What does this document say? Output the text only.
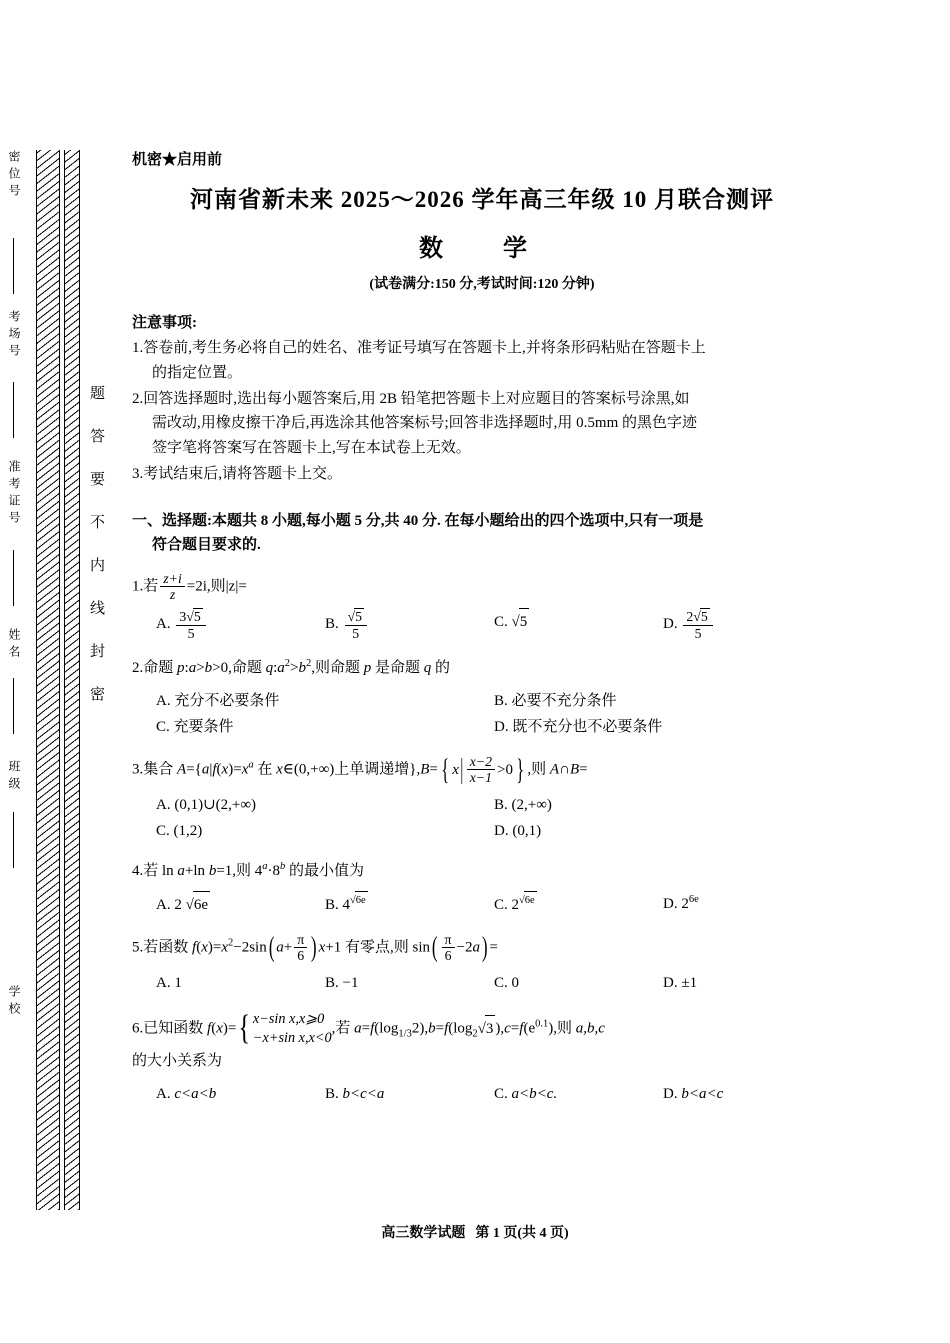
题 答 要 不 内 线 封 密
密位号
考场号
准考证号
姓名
班级
学校
机密★启用前
河南省新未来 2025～2026 学年高三年级 10 月联合测评
数　学
(试卷满分:150 分,考试时间:120 分钟)
注意事项:
1.答卷前,考生务必将自己的姓名、准考证号填写在答题卡上,并将条形码粘贴在答题卡上
的指定位置。
2.回答选择题时,选出每小题答案后,用 2B 铅笔把答题卡上对应题目的答案标号涂黑,如
需改动,用橡皮擦干净后,再选涂其他答案标号;回答非选择题时,用 0.5mm 的黑色字迹
签字笔将答案写在答题卡上,写在本试卷上无效。
3.考试结束后,请将答题卡上交。
一、选择题:本题共 8 小题,每小题 5 分,共 40 分. 在每小题给出的四个选项中,只有一项是
符合题目要求的.
1.若 $\frac{z+i}{z} =2i$,则|z|=
A. $\frac{3√5}{5}$	B. $\frac{√5}{5}$	C. √5	D. $\frac{2√5}{5}$
2.命题 p:a>b>0,命题 $q:a^2>b^2$,则命题 p 是命题 q 的
A. 充分不必要条件	B. 必要不充分条件
C. 充要条件	D. 既不充分也不必要条件
3.集合 $A=\{a|f(x)=x^a$ 在 x∈(0,+∞)上单调递增},B= { x | $\frac{x-2}{x-1} >0$ } ,则 A∩B=
A. (0,1)∪(2,+∞)	B. (2,+∞)
C. (1,2)	D. (0,1)
4.若 ln a+ln b=1,则 $4^a\cdot 8^b$ 的最小值为
A. 2 √6e	B. $4^{√6e}$	C. $2^{√6e}$	D. $2^{6e}$
5.若函数 $f(x)=x^2-2\sin$( $a+ \frac{\pi}{6}$ ) x+1 有零点,则 $\sin( \frac{\pi}{6} -2a)$ =
A. 1	B. −1	C. 0	D. ±1
6.已知函数 f(x)= { x−sin x,x⩾0
−x+sin x,x<0
,若 $a=f(\log_{1/3}2),b=f(\log_2√3$ )$,c=f(e^{0.1})$,则 a,b,c
的大小关系为
A. c<a<b	B. b<c<a	C. a<b<c.	D. b<a<c
高三数学试题 第 1 页(共 4 页)
